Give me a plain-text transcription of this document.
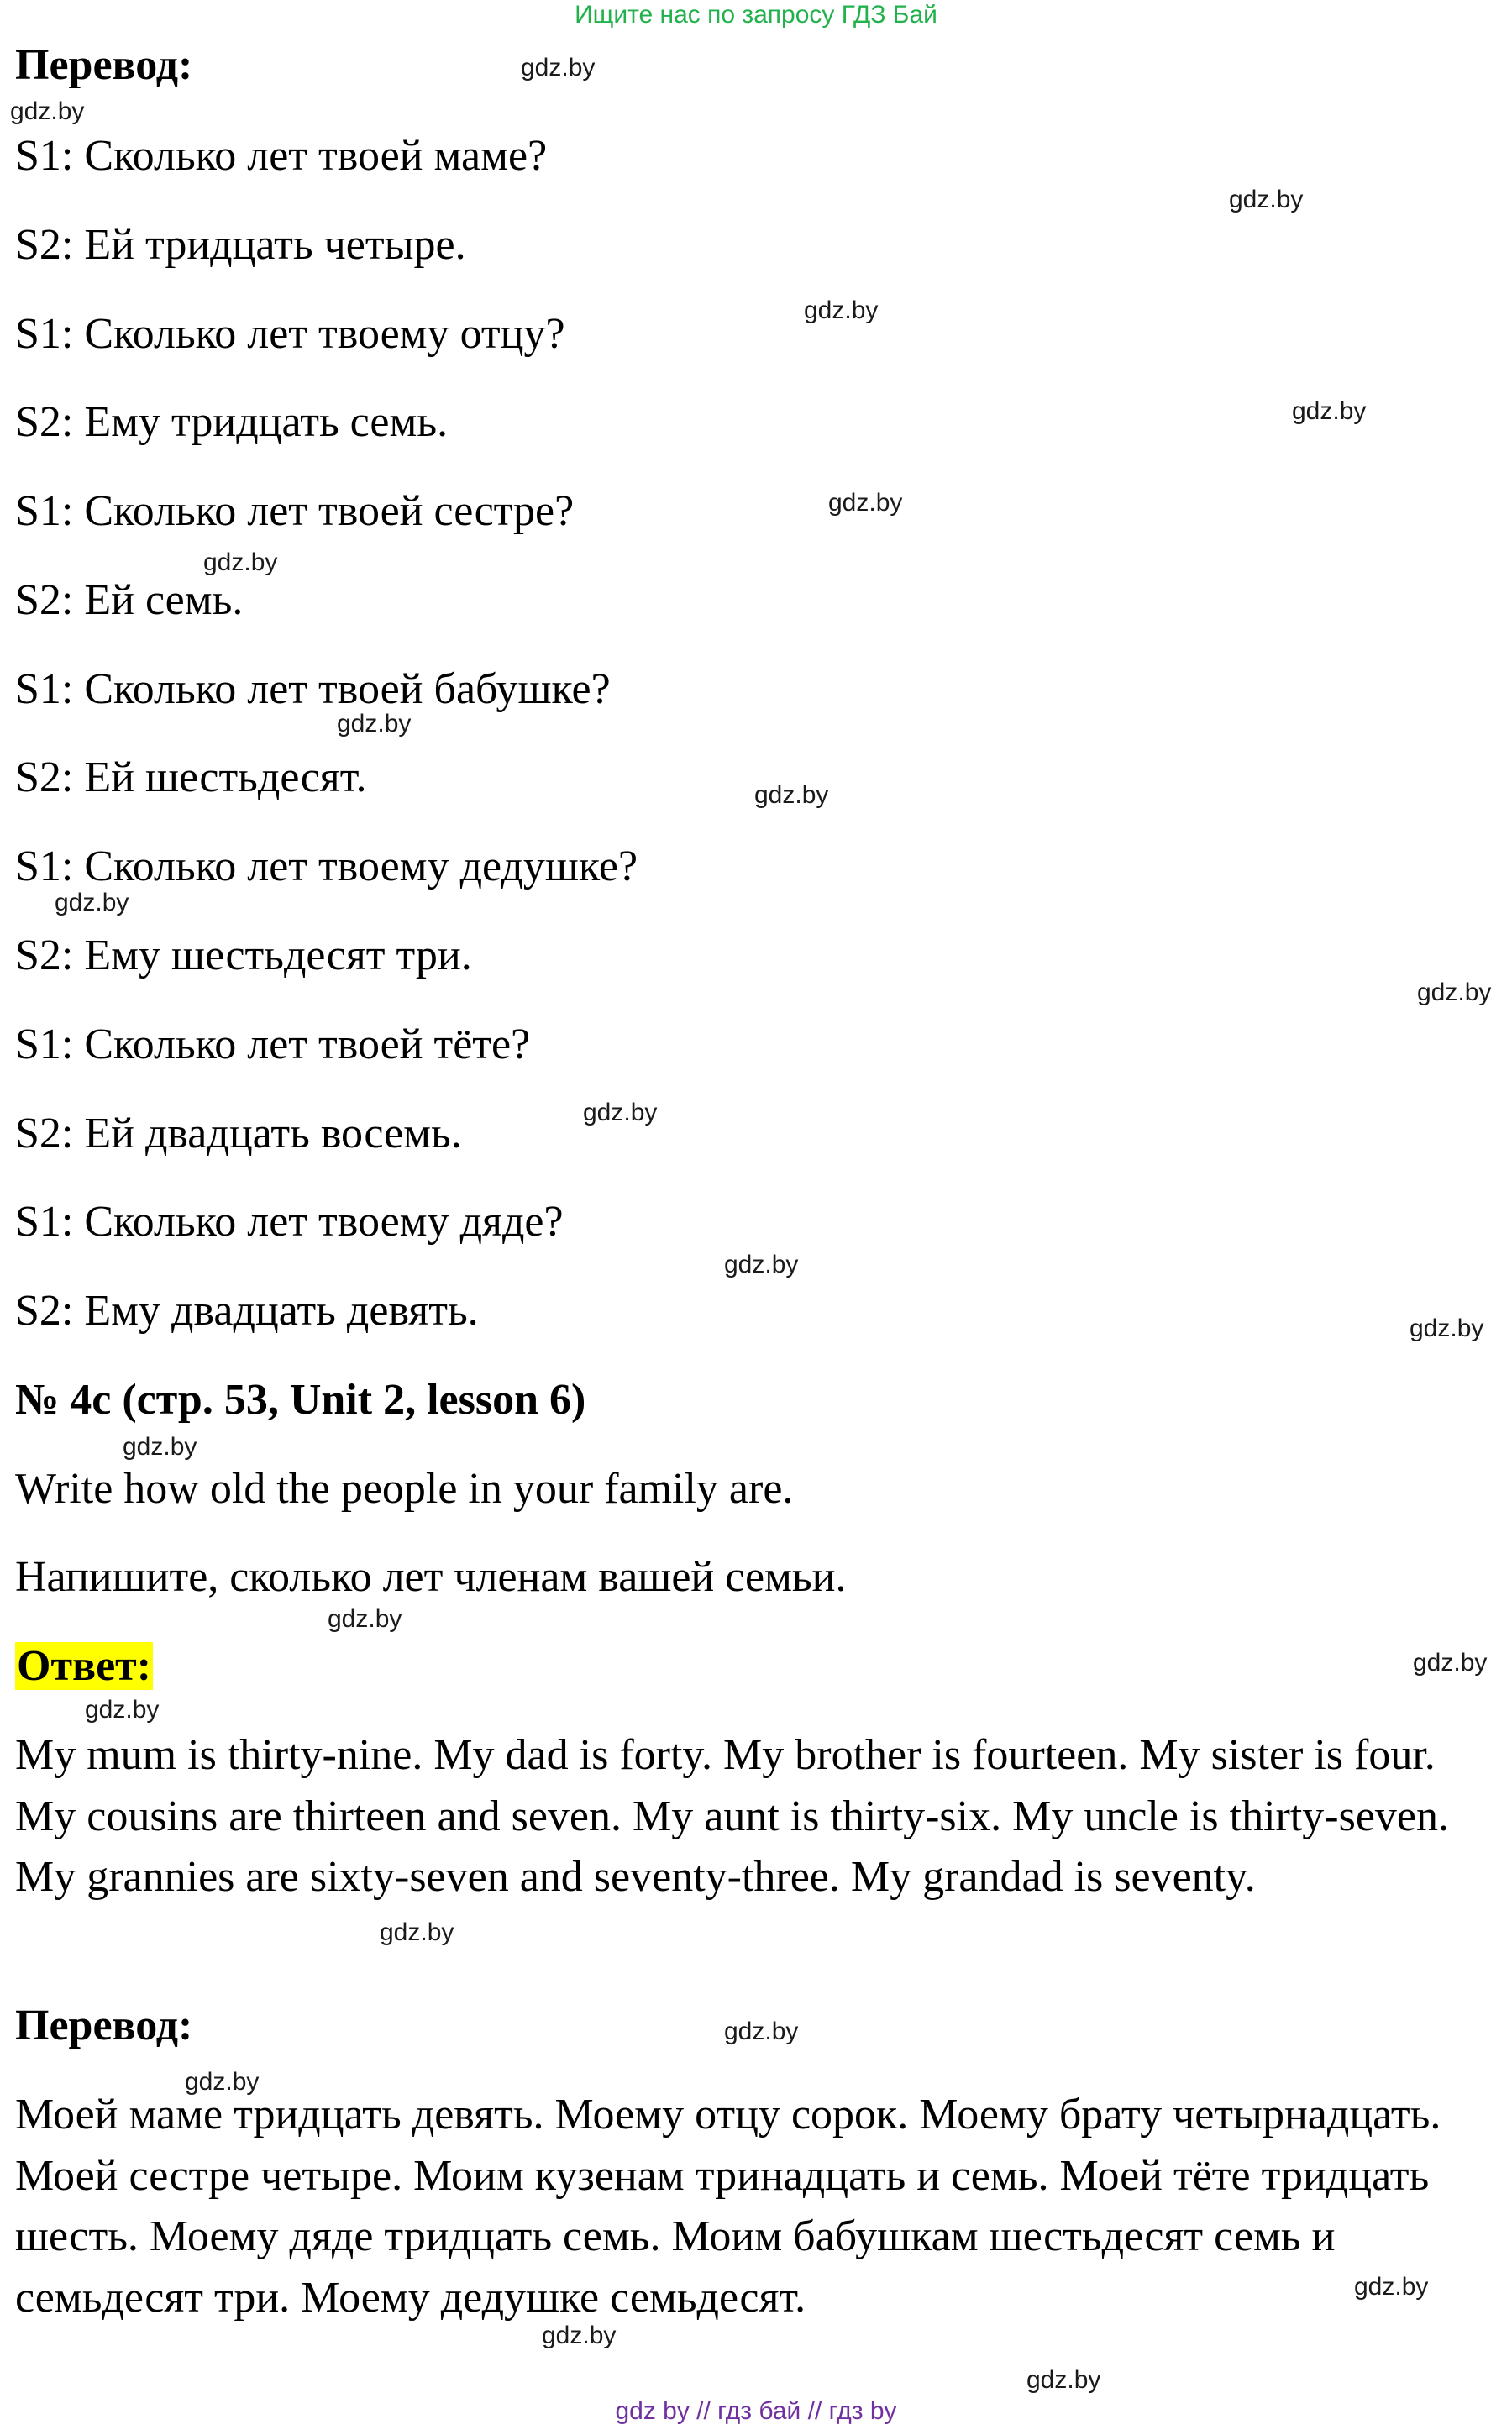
Ищите нас по запросу ГДЗ Бай
Перевод:
S1: Сколько лет твоей маме?
S2: Ей тридцать четыре.
S1: Сколько лет твоему отцу?
S2: Ему тридцать семь.
S1: Сколько лет твоей сестре?
S2: Ей семь.
S1: Сколько лет твоей бабушке?
S2: Ей шестьдесят.
S1: Сколько лет твоему дедушке?
S2: Ему шестьдесят три.
S1: Сколько лет твоей тёте?
S2: Ей двадцать восемь.
S1: Сколько лет твоему дяде?
S2: Ему двадцать девять.
№ 4c (стр. 53, Unit 2, lesson 6)
Write how old the people in your family are.
Напишите, сколько лет членам вашей семьи.
Ответ:

My mum is thirty-nine. My dad is forty. My brother is fourteen. My sister is four. My cousins are thirteen and seven. My aunt is thirty-six. My uncle is thirty-seven. My grannies are sixty-seven and seventy-three. My grandad is seventy.

Перевод:

Моей маме тридцать девять. Моему отцу сорок. Моему брату четырнадцать. Моей сестре четыре. Моим кузенам тринадцать и семь. Моей тёте тридцать шесть. Моему дяде тридцать семь. Моим бабушкам шестьдесят семь и семьдесят три. Моему дедушке семьдесят.

gdz.by
gdz.by
gdz.by
gdz.by
gdz.by
gdz.by
gdz.by
gdz.by
gdz.by
gdz.by
gdz.by
gdz.by
gdz.by
gdz.by
gdz.by
gdz.by
gdz.by
gdz.by
gdz.by
gdz.by
gdz.by
gdz.by
gdz.by
gdz.by
gdz by // гдз бай // гдз by
